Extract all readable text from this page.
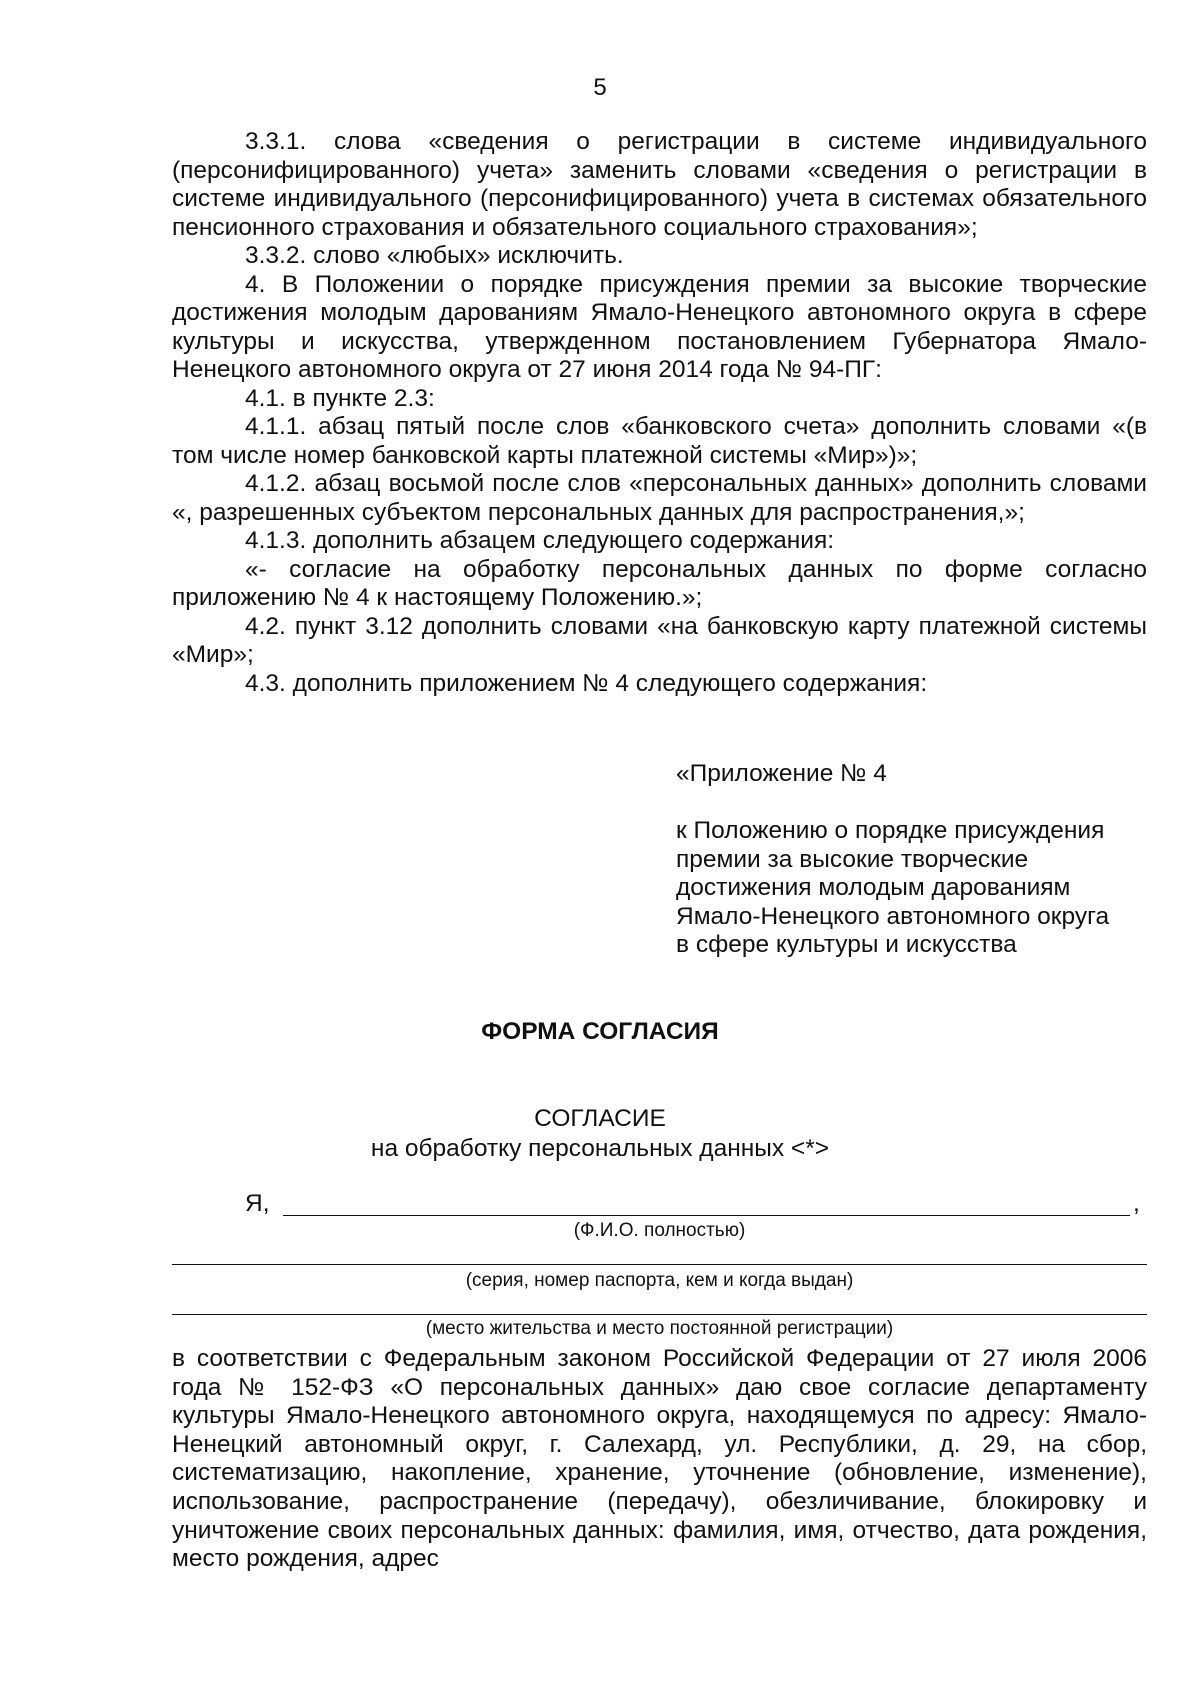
5

3.3.1. слова «сведения о регистрации в системе индивидуального (персонифицированного) учета» заменить словами «сведения о регистрации в системе индивидуального (персонифицированного) учета в системах обязательного пенсионного страхования и обязательного социального страхования»;

3.3.2. слово «любых» исключить.

4. В Положении о порядке присуждения премии за высокие творческие достижения молодым дарованиям Ямало-Ненецкого автономного округа в сфере культуры и искусства, утвержденном постановлением Губернатора Ямало-Ненецкого автономного округа от 27 июня 2014 года № 94-ПГ:

4.1. в пункте 2.3:

4.1.1. абзац пятый после слов «банковского счета» дополнить словами «(в том числе номер банковской карты платежной системы «Мир»)»;

4.1.2. абзац восьмой после слов «персональных данных» дополнить словами «, разрешенных субъектом персональных данных для распространения,»;

4.1.3. дополнить абзацем следующего содержания:

«- согласие на обработку персональных данных по форме согласно приложению № 4 к настоящему Положению.»;

4.2. пункт 3.12 дополнить словами «на банковскую карту платежной системы «Мир»;

4.3. дополнить приложением № 4 следующего содержания:

«Приложение № 4

к Положению о порядке присуждения

премии за высокие творческие

достижения молодым дарованиям

Ямало-Ненецкого автономного округа

в сфере культуры и искусства

ФОРМА СОГЛАСИЯ
СОГЛАСИЕ
на обработку персональных данных <*>
Я,	,
(Ф.И.О. полностью)
(серия, номер паспорта, кем и когда выдан)
(место жительства и место постоянной регистрации)

в соответствии с Федеральным законом Российской Федерации от 27 июля 2006 года № 152-ФЗ «О персональных данных» даю свое согласие департаменту культуры Ямало-Ненецкого автономного округа, находящемуся по адресу: Ямало-Ненецкий автономный округ, г. Салехард, ул. Республики, д. 29, на сбор, систематизацию, накопление, хранение, уточнение (обновление, изменение), использование, распространение (передачу), обезличивание, блокировку и уничтожение своих персональных данных: фамилия, имя, отчество, дата рождения, место рождения, адрес
